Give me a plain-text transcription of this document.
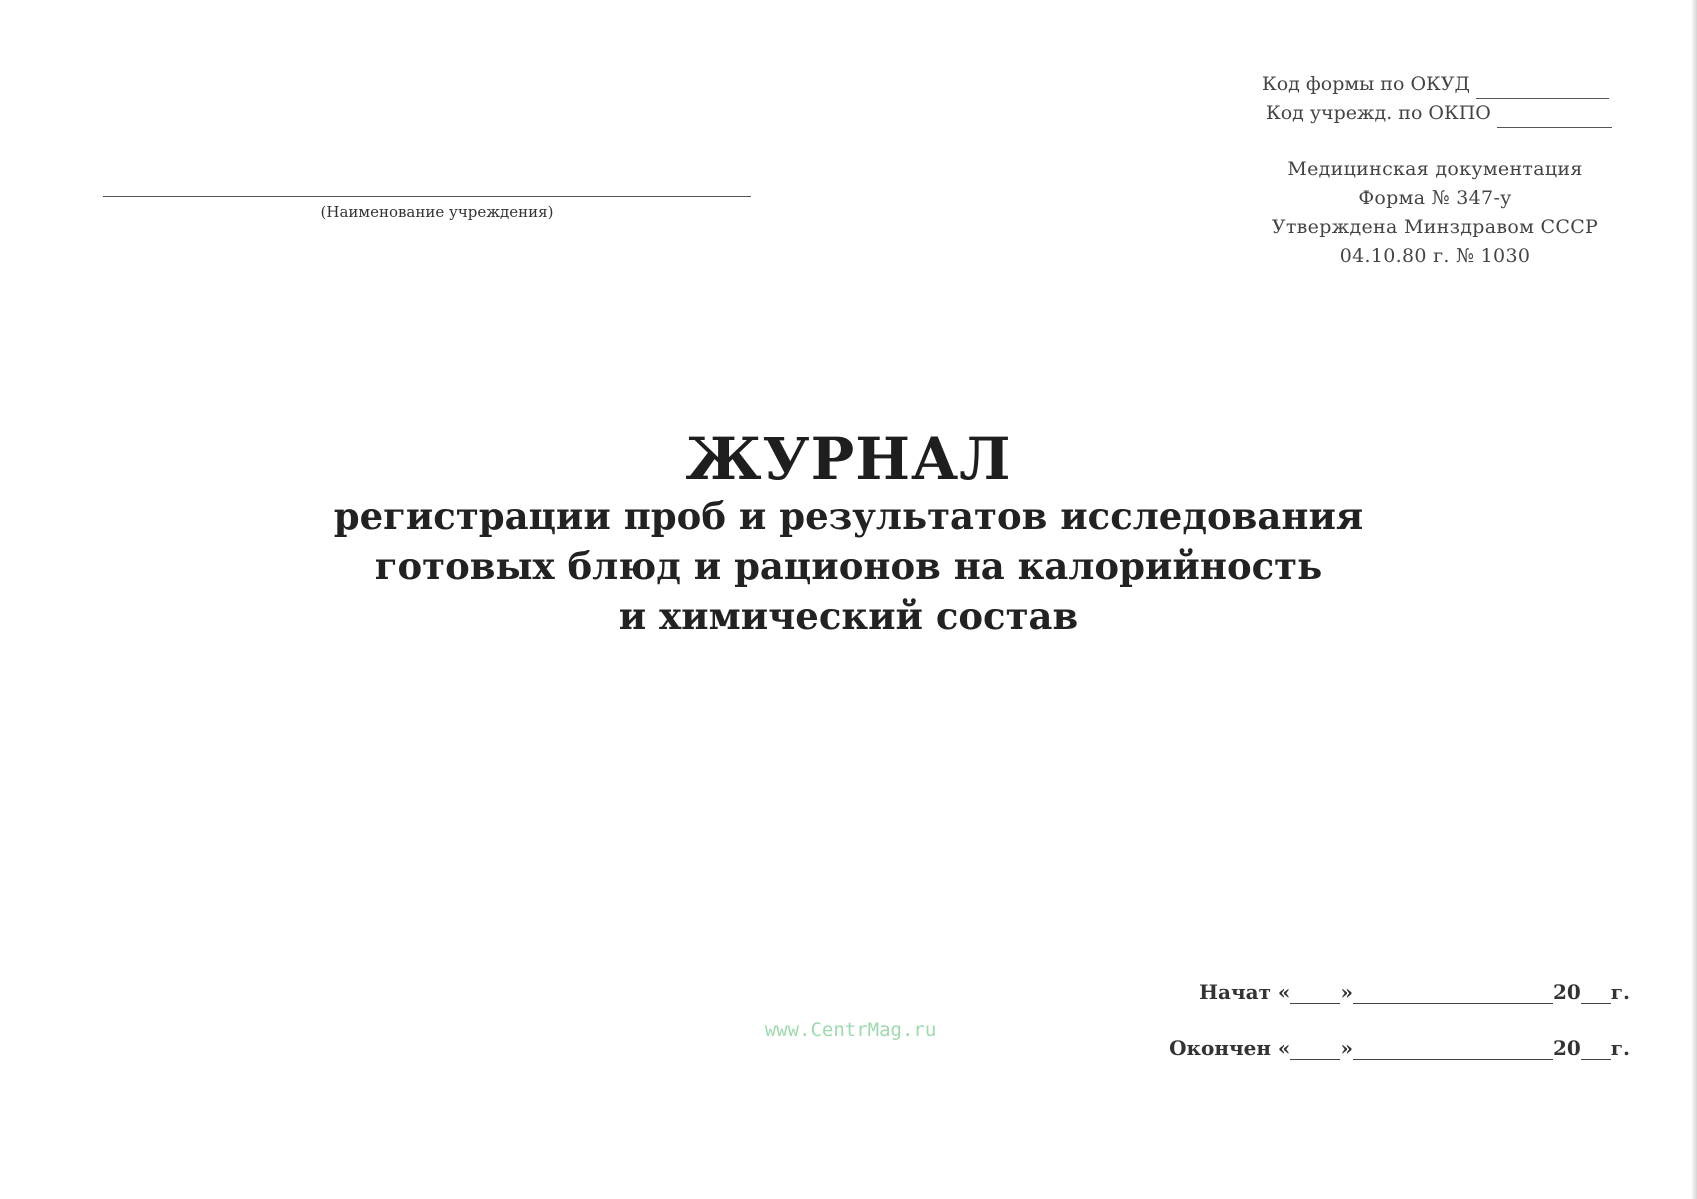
(Наименование учреждения)
Код формы по ОКУД
Код учрежд. по ОКПО
Медицинская документация
Форма № 347-у
Утверждена Минздравом СССР
04.10.80 г. № 1030
ЖУРНАЛ
регистрации проб и результатов исследования
готовых блюд и рационов на калорийность
и химический состав
Начат «	»	20 г.
Окончен «	»	20 г.
www.CentrMag.ru
